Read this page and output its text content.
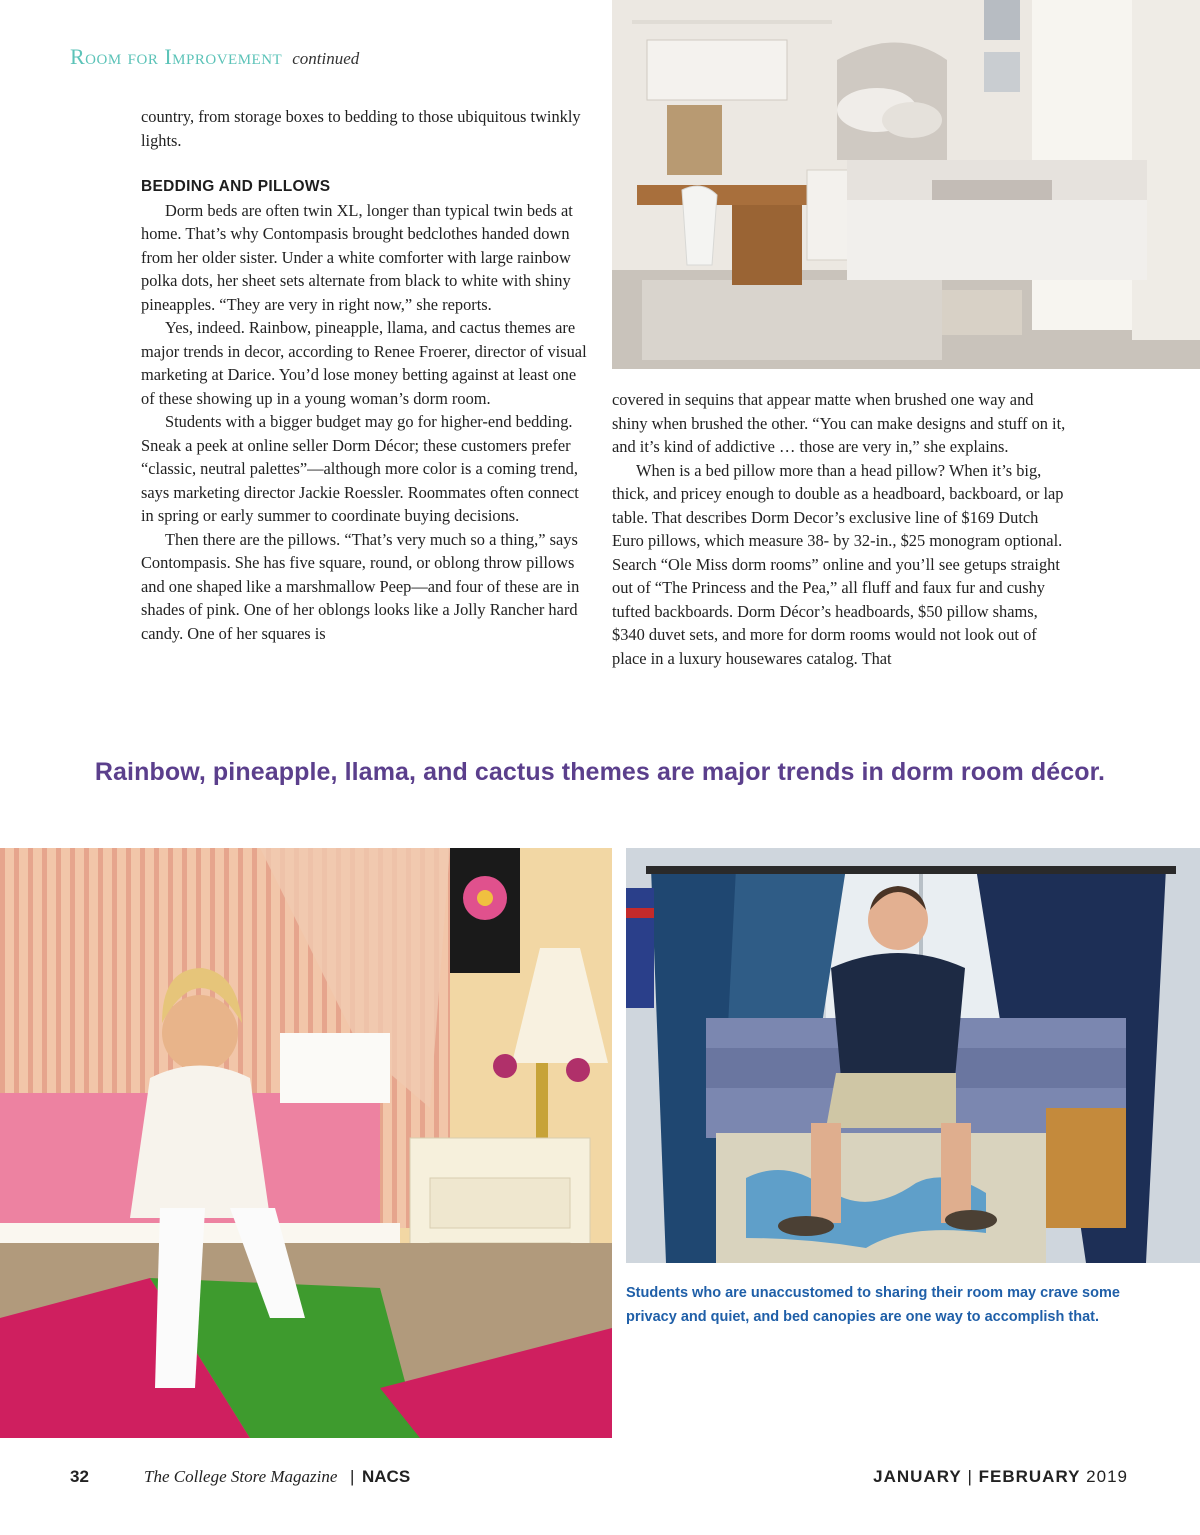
Room for Improvement continued

country, from storage boxes to bedding to those ubiquitous twinkly lights.

BEDDING AND PILLOWS

Dorm beds are often twin XL, longer than typical twin beds at home. That’s why Contompasis brought bedclothes handed down from her older sister. Under a white comforter with large rainbow polka dots, her sheet sets alternate from black to white with shiny pineapples. “They are very in right now,” she reports.

Yes, indeed. Rainbow, pineapple, llama, and cactus themes are major trends in decor, according to Renee Froerer, director of visual marketing at Darice. You’d lose money betting against at least one of these showing up in a young woman’s dorm room.

Students with a bigger budget may go for higher-end bedding. Sneak a peek at online seller Dorm Décor; these customers prefer “classic, neutral palettes”—although more color is a coming trend, says marketing director Jackie Roessler. Roommates often connect in spring or early summer to coordinate buying decisions.

Then there are the pillows. “That’s very much so a thing,” says Contompasis. She has five square, round, or oblong throw pillows and one shaped like a marshmallow Peep—and four of these are in shades of pink. One of her oblongs looks like a Jolly Rancher hard candy. One of her squares is

covered in sequins that appear matte when brushed one way and shiny when brushed the other. “You can make designs and stuff on it, and it’s kind of addictive … those are very in,” she explains.

When is a bed pillow more than a head pillow? When it’s big, thick, and pricey enough to double as a headboard, backboard, or lap table. That describes Dorm Decor’s exclusive line of $169 Dutch Euro pillows, which measure 38- by 32-in., $25 monogram optional. Search “Ole Miss dorm rooms” online and you’ll see getups straight out of “The Princess and the Pea,” all fluff and faux fur and cushy tufted backboards. Dorm Décor’s headboards, $50 pillow shams, $340 duvet sets, and more for dorm rooms would not look out of place in a luxury housewares catalog. That

Rainbow, pineapple, llama, and cactus themes are major trends in dorm room décor.
Students who are unaccustomed to sharing their room may crave some privacy and quiet, and bed canopies are one way to accomplish that.
32	The College Store Magazine | NACS	JANUARY | FEBRUARY 2019
